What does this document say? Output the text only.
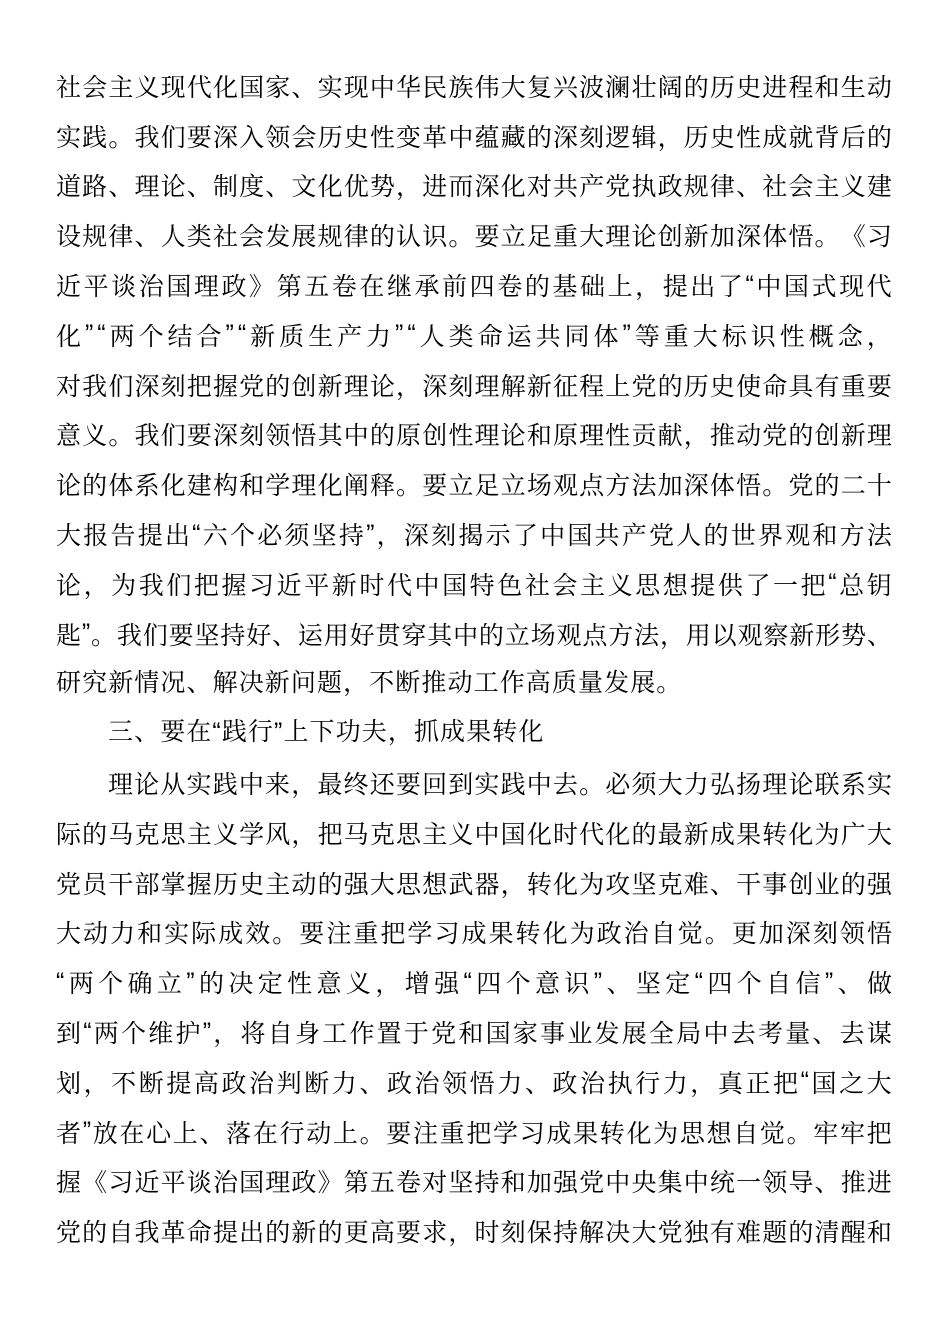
社 会 主 义 现 代 化 国 家 、 实 现 中 华 民 族 伟 大 复 兴 波 澜 壮 阔 的 历 史 进 程 和 生 动
实 践 。 我 们 要 深 入 领 会 历 史 性 变 革 中 蕴 藏 的 深 刻 逻 辑 ， 历 史 性 成 就 背 后 的
道 路 、 理 论 、 制 度 、 文 化 优 势 ， 进 而 深 化 对 共 产 党 执 政 规 律 、 社 会 主 义 建
设 规 律 、 人 类 社 会 发 展 规 律 的 认 识 。 要 立 足 重 大 理 论 创 新 加 深 体 悟 。 《 习
近 平 谈 治 国 理 政 》 第 五 卷 在 继 承 前 四 卷 的 基 础 上 ， 提 出 了 “ 中 国 式 现 代
化 ” “ 两 个 结 合 ” “ 新 质 生 产 力 ” “ 人 类 命 运 共 同 体 ” 等 重 大 标 识 性 概 念 ，
对 我 们 深 刻 把 握 党 的 创 新 理 论 ， 深 刻 理 解 新 征 程 上 党 的 历 史 使 命 具 有 重 要
意 义 。 我 们 要 深 刻 领 悟 其 中 的 原 创 性 理 论 和 原 理 性 贡 献 ， 推 动 党 的 创 新 理
论 的 体 系 化 建 构 和 学 理 化 阐 释 。 要 立 足 立 场 观 点 方 法 加 深 体 悟 。 党 的 二 十
大 报 告 提 出 “ 六 个 必 须 坚 持 ” ， 深 刻 揭 示 了 中 国 共 产 党 人 的 世 界 观 和 方 法
论 ， 为 我 们 把 握 习 近 平 新 时 代 中 国 特 色 社 会 主 义 思 想 提 供 了 一 把 “ 总 钥
匙 ” 。 我 们 要 坚 持 好 、 运 用 好 贯 穿 其 中 的 立 场 观 点 方 法 ， 用 以 观 察 新 形 势 、
研究新情况、解决新问题，不断推动工作高质量发展。
三、要在“践行”上下功夫，抓成果转化
理 论 从 实 践 中 来 ， 最 终 还 要 回 到 实 践 中 去 。 必 须 大 力 弘 扬 理 论 联 系 实
际 的 马 克 思 主 义 学 风 ， 把 马 克 思 主 义 中 国 化 时 代 化 的 最 新 成 果 转 化 为 广 大
党 员 干 部 掌 握 历 史 主 动 的 强 大 思 想 武 器 ， 转 化 为 攻 坚 克 难 、 干 事 创 业 的 强
大 动 力 和 实 际 成 效 。 要 注 重 把 学 习 成 果 转 化 为 政 治 自 觉 。 更 加 深 刻 领 悟
“ 两 个 确 立 ” 的 决 定 性 意 义 ， 增 强 “ 四 个 意 识 ” 、 坚 定 “ 四 个 自 信 ” 、 做
到 “ 两 个 维 护 ” ， 将 自 身 工 作 置 于 党 和 国 家 事 业 发 展 全 局 中 去 考 量 、 去 谋
划 ， 不 断 提 高 政 治 判 断 力 、 政 治 领 悟 力 、 政 治 执 行 力 ， 真 正 把 “ 国 之 大
者 ” 放 在 心 上 、 落 在 行 动 上 。 要 注 重 把 学 习 成 果 转 化 为 思 想 自 觉 。 牢 牢 把
握 《 习 近 平 谈 治 国 理 政 》 第 五 卷 对 坚 持 和 加 强 党 中 央 集 中 统 一 领 导 、 推 进
党 的 自 我 革 命 提 出 的 新 的 更 高 要 求 ， 时 刻 保 持 解 决 大 党 独 有 难 题 的 清 醒 和
